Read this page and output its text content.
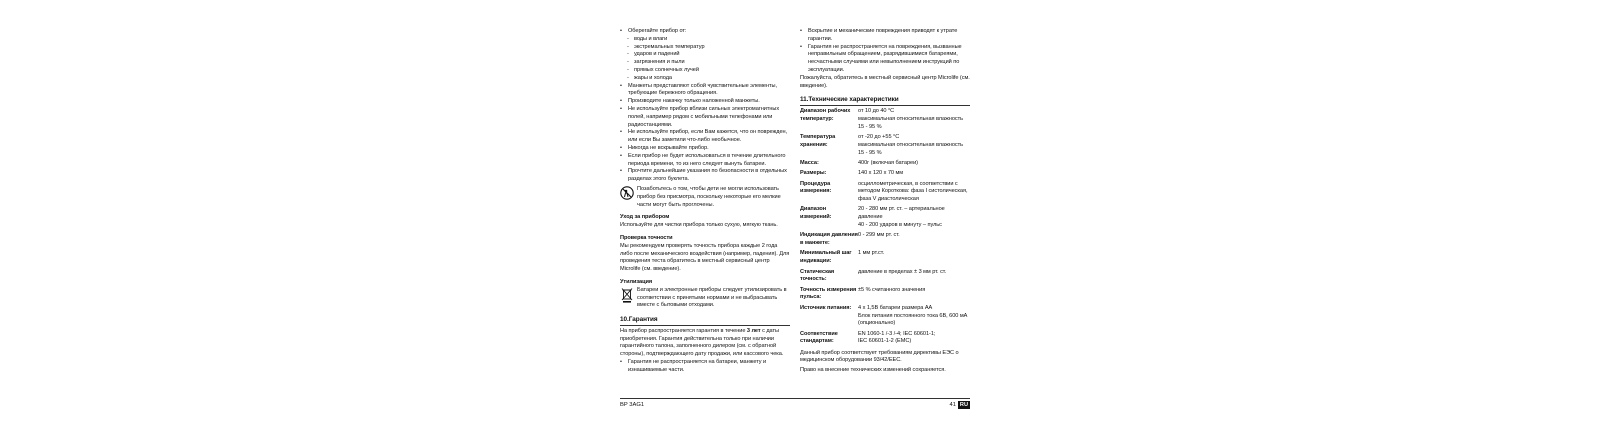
• Оберегайте прибор от:
- воды и влаги
- экстремальных температур
- ударов и падений
- загрязнения и пыли
- прямых солнечных лучей
- жары и холода
• Манжеты представляют собой чувствительные элементы, требующие бережного обращения.
• Производите накачку только наложенной манжеты.
• Не используйте прибор вблизи сильных электромагнитных полей, например рядом с мобильными телефонами или радиостанциями.
• Не используйте прибор, если Вам кажется, что он поврежден, или если Вы заметили что-либо необычное.
• Никогда не вскрывайте прибор.
• Если прибор не будет использоваться в течение длительного периода времени, то из него следует вынуть батареи.
• Прочтите дальнейшие указания по безопасности в отдельных разделах этого буклета.
Позаботьтесь о том, чтобы дети не могли использовать прибор без присмотра, поскольку некоторые его мелкие части могут быть проглочены.
Уход за прибором
Используйте для чистки прибора только сухую, мягкую ткань.
Проверка точности
Мы рекомендуем проверять точность прибора каждые 2 года либо после механического воздействия (например, падения). Для проведения теста обратитесь в местный сервисный центр Microlife (см. введение).
Утилизация
Батареи и электронные приборы следует утилизировать в соответствии с принятыми нормами и не выбрасывать вместе с бытовыми отходами.
10.Гарантия
На прибор распространяется гарантия в течение 3 лет с даты приобретения. Гарантия действительна только при наличии гарантийного талона, заполненного дилером (см. с обратной стороны), подтверждающего дату продажи, или кассового чека.
• Гарантия не распространяется на батареи, манжету и изнашиваемые части.
• Вскрытие и механические повреждения приводят к утрате гарантии.
• Гарантия не распространяется на повреждения, вызванные неправильным обращением, разрядившимися батареями, несчастными случаями или невыполнением инструкций по эксплуатации.
Пожалуйста, обратитесь в местный сервисный центр Microlife (см. введение).
11.Технические характеристики
Диапазон рабочих температур:	от 10 до 40 °C
максимальная относительная влажность 15 - 95 %
Температура хранения:	от -20 до +55 °C
максимальная относительная влажность 15 - 95 %
Масса:	400г (включая батареи)
Размеры:	140 x 120 x 70 мм
Процедура измерения:	осциллометрическая, в соответствии с методом Короткова: фаза I систолическая, фаза V диастолическая
Диапазон измерений:	20 - 280 мм рт. ст. – артериальное давление
40 - 200 ударов в минуту – пульс
Индикация давления в манжете:	0 - 299 мм рт. ст.
Минимальный шаг индикации:	1 мм рт.ст.
Статическая точность:	давление в пределах ± 3 мм рт. ст.
Точность измерения пульса:	±5 % считанного значения
Источник питания:	4 x 1,5В батареи размера AA
Блок питания постоянного тока 6В, 600 мА (опционально)
Соответствие стандартам:	EN 1060-1 /-3 /-4; IEC 60601-1;
IEC 60601-1-2 (EMC)
Данный прибор соответствует требованиям директивы ЕЭС о медицинском оборудовании 93/42/EEC.
Право на внесение технических изменений сохраняется.
BP 3AG1	41 RU
